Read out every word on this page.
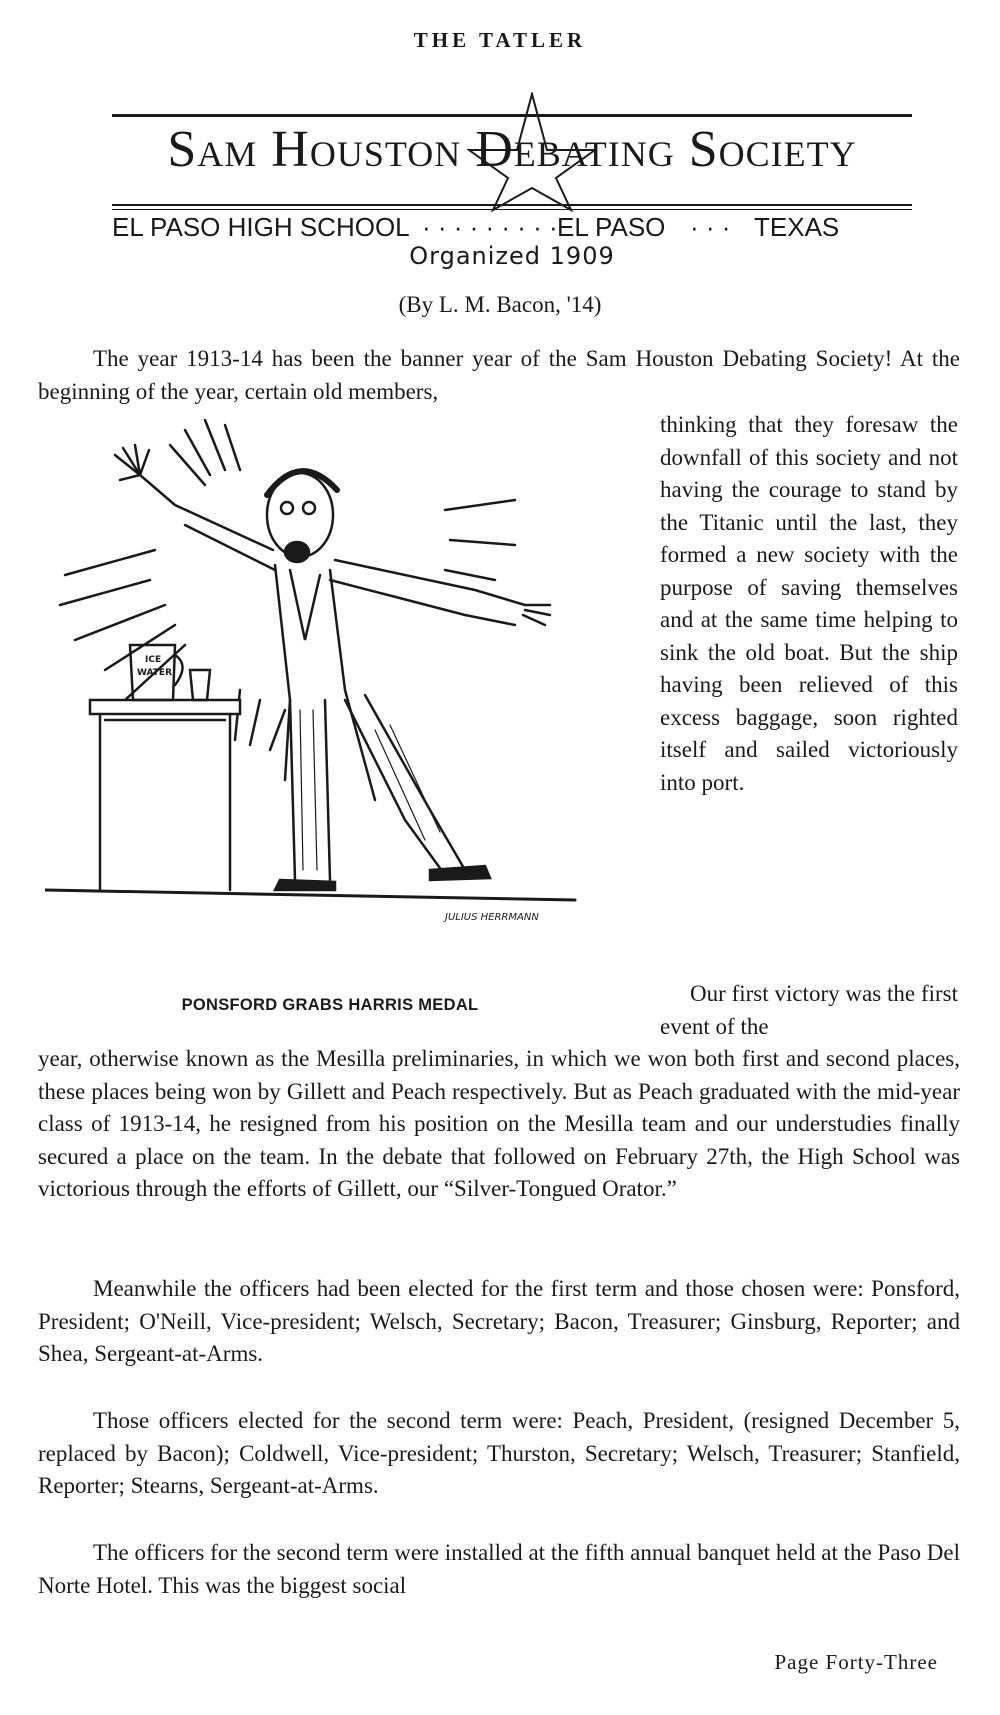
THE TATLER
Sam Houston Debating Society
EL PASO HIGH SCHOOL · · · · · · · · · EL PASO · · · TEXAS
Organized 1909
(By L. M. Bacon, '14)

The year 1913-14 has been the banner year of the Sam Houston Debating Society! At the beginning of the year, certain old members,

thinking that they foresaw the downfall of this society and not having the courage to stand by the Titanic until the last, they formed a new society with the purpose of saving themselves and at the same time helping to sink the old boat. But the ship having been relieved of this excess baggage, soon righted itself and sailed victoriously into port.

Our first victory was the first event of the

year, otherwise known as the Mesilla preliminaries, in which we won both first and second places, these places being won by Gillett and Peach respectively. But as Peach graduated with the mid-year class of 1913-14, he resigned from his position on the Mesilla team and our understudies finally secured a place on the team. In the debate that followed on February 27th, the High School was victorious through the efforts of Gillett, our “Silver-Tongued Orator.”

Meanwhile the officers had been elected for the first term and those chosen were: Ponsford, President; O'Neill, Vice-president; Welsch, Secretary; Bacon, Treasurer; Ginsburg, Reporter; and Shea, Sergeant-at-Arms.

Those officers elected for the second term were: Peach, President, (resigned December 5, replaced by Bacon); Coldwell, Vice-president; Thurston, Secretary; Welsch, Treasurer; Stanfield, Reporter; Stearns, Sergeant-at-Arms.

The officers for the second term were installed at the fifth annual banquet held at the Paso Del Norte Hotel. This was the biggest social

ICE
WATER
JULIUS HERRMANN
PONSFORD GRABS HARRIS MEDAL
Page Forty-Three
